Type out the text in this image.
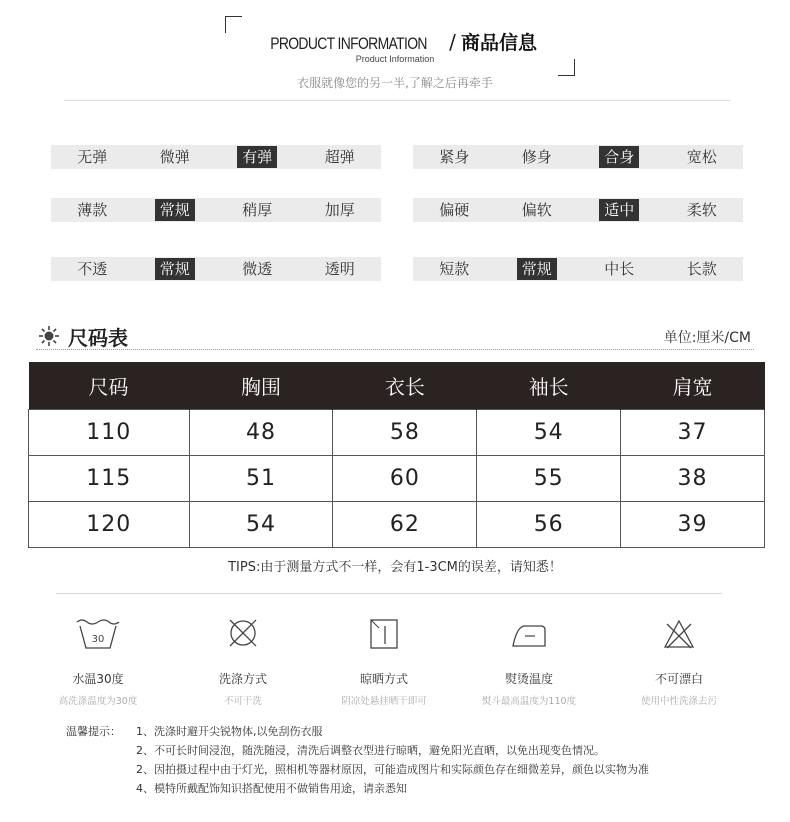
PRODUCT INFORMATION / 商品信息
Product Information
衣服就像您的另一半,了解之后再牵手
无弹	微弹	有弹	超弹	紧身	修身	合身	宽松
薄款	常规	稍厚	加厚	偏硬	偏软	适中	柔软
不透	常规	微透	透明	短款	常规	中长	长款
尺码表	单位:厘米/CM
尺码	胸围	衣长	袖长	肩宽
110	48	58	54	37
115	51	60	55	38
120	54	62	56	39
TIPS:由于测量方式不一样，会有1-3CM的误差，请知悉！
30
水温30度
高洗涤温度为30度
洗涤方式
不可干洗
晾晒方式
阴凉处悬挂晒干即可
熨烫温度
熨斗最高温度为110度
不可漂白
使用中性洗涤去污
温馨提示： 1、洗涤时避开尖锐物体,以免刮伤衣服
2、不可长时间浸泡，随洗随浸，清洗后调整衣型进行晾晒，避免阳光直晒，以免出现变色情况。
2、因拍摄过程中由于灯光，照相机等器材原因，可能造成图片和实际颜色存在细微差异，颜色以实物为准
4、模特所戴配饰知识搭配使用不做销售用途，请亲悉知
